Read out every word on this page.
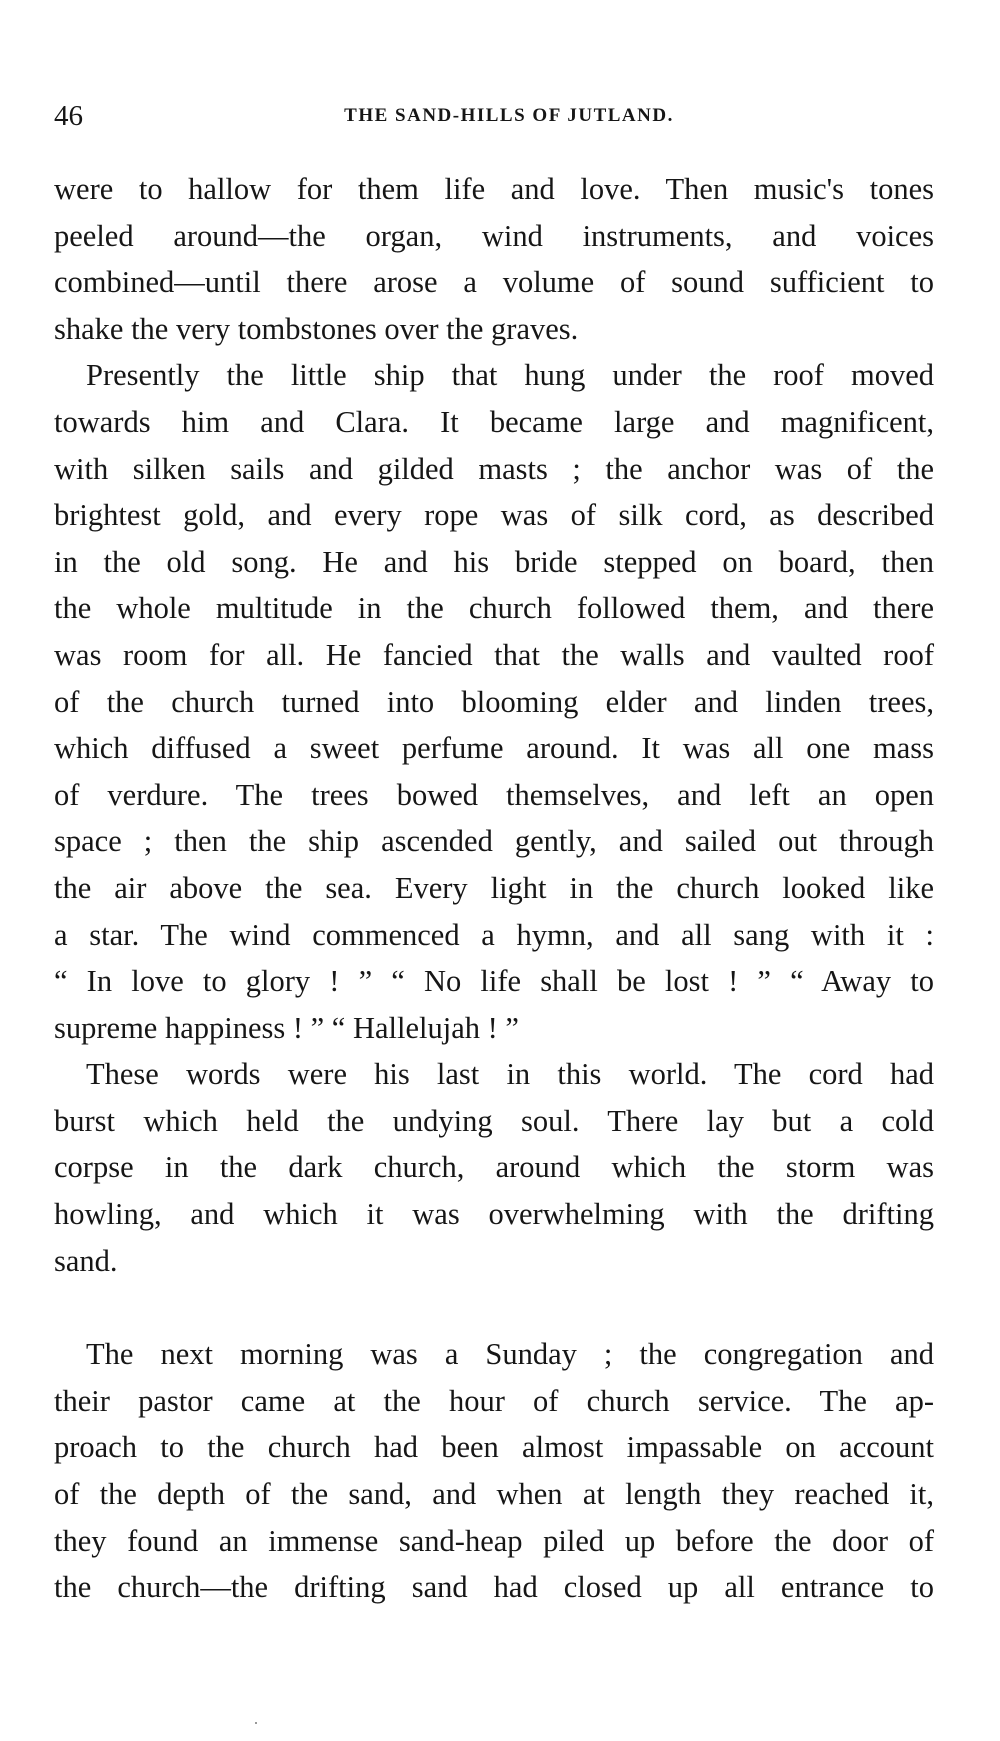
46	THE SAND-HILLS OF JUTLAND.

were to hallow for them life and love. Then music's tones
peeled around—the organ, wind instruments, and voices
combined—until there arose a volume of sound sufficient to
shake the very tombstones over the graves.

Presently the little ship that hung under the roof moved
towards him and Clara. It became large and magnificent,
with silken sails and gilded masts ; the anchor was of the
brightest gold, and every rope was of silk cord, as described
in the old song. He and his bride stepped on board, then
the whole multitude in the church followed them, and there
was room for all. He fancied that the walls and vaulted roof
of the church turned into blooming elder and linden trees,
which diffused a sweet perfume around. It was all one mass
of verdure. The trees bowed themselves, and left an open
space ; then the ship ascended gently, and sailed out through
the air above the sea. Every light in the church looked like
a star. The wind commenced a hymn, and all sang with it :
“ In love to glory ! ” “ No life shall be lost ! ” “ Away to
supreme happiness ! ” “ Hallelujah ! ”

These words were his last in this world. The cord had
burst which held the undying soul. There lay but a cold
corpse in the dark church, around which the storm was
howling, and which it was overwhelming with the drifting
sand.

The next morning was a Sunday ; the congregation and
their pastor came at the hour of church service. The ap-
proach to the church had been almost impassable on account
of the depth of the sand, and when at length they reached it,
they found an immense sand-heap piled up before the door of
the church—the drifting sand had closed up all entrance to
